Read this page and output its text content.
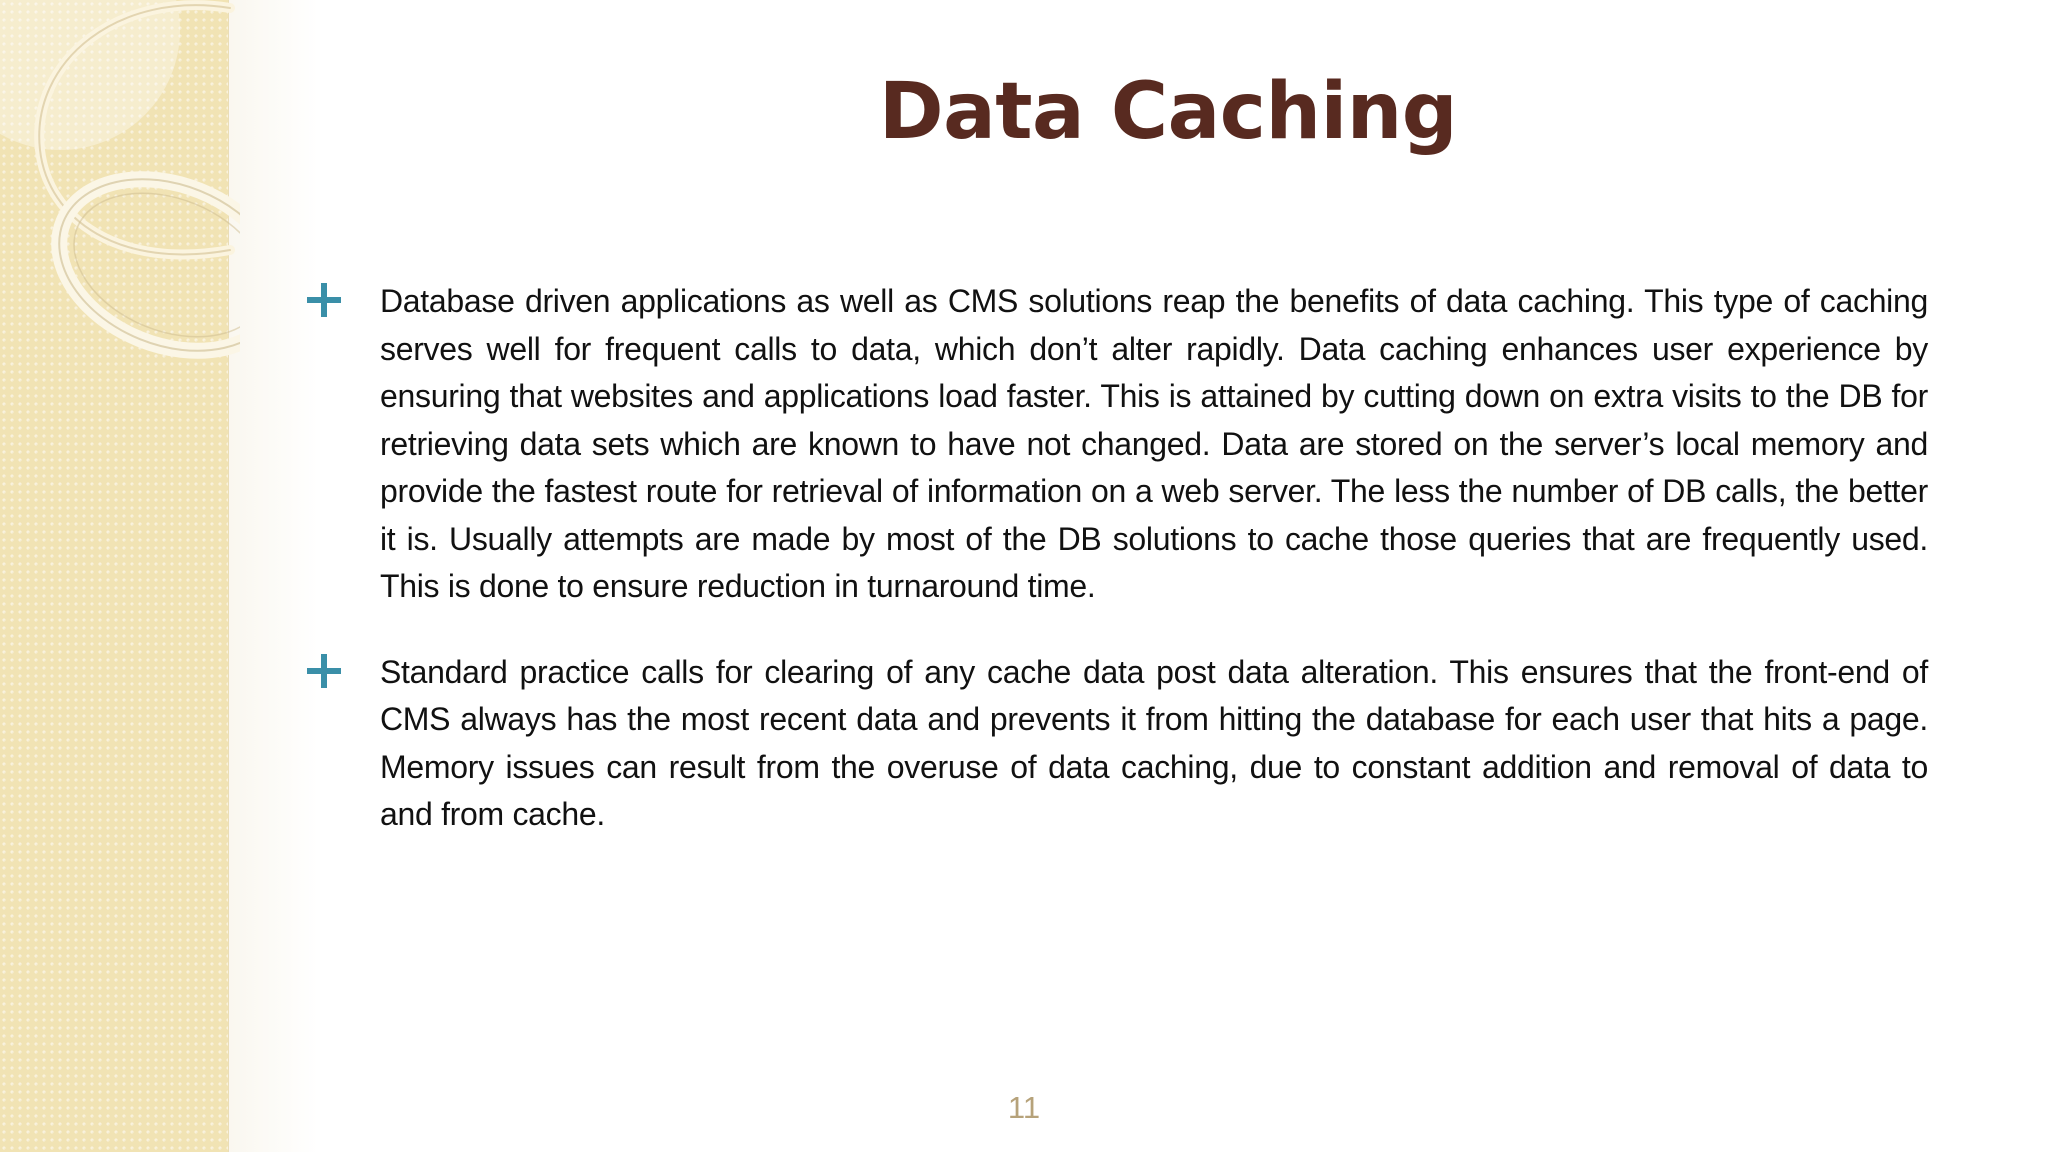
Data Caching

Database driven applications as well as CMS solutions reap the benefits of data caching. This type of caching serves well for frequent calls to data, which don’t alter rapidly. Data caching enhances user experience by ensuring that websites and applications load faster. This is attained by cutting down on extra visits to the DB for retrieving data sets which are known to have not changed. Data are stored on the server’s local memory and provide the fastest route for retrieval of information on a web server. The less the number of DB calls, the better it is. Usually attempts are made by most of the DB solutions to cache those queries that are frequently used. This is done to ensure reduction in turnaround time.

Standard practice calls for clearing of any cache data post data alteration. This ensures that the front-end of CMS always has the most recent data and prevents it from hitting the database for each user that hits a page. Memory issues can result from the overuse of data caching, due to constant addition and removal of data to and from cache.

11
